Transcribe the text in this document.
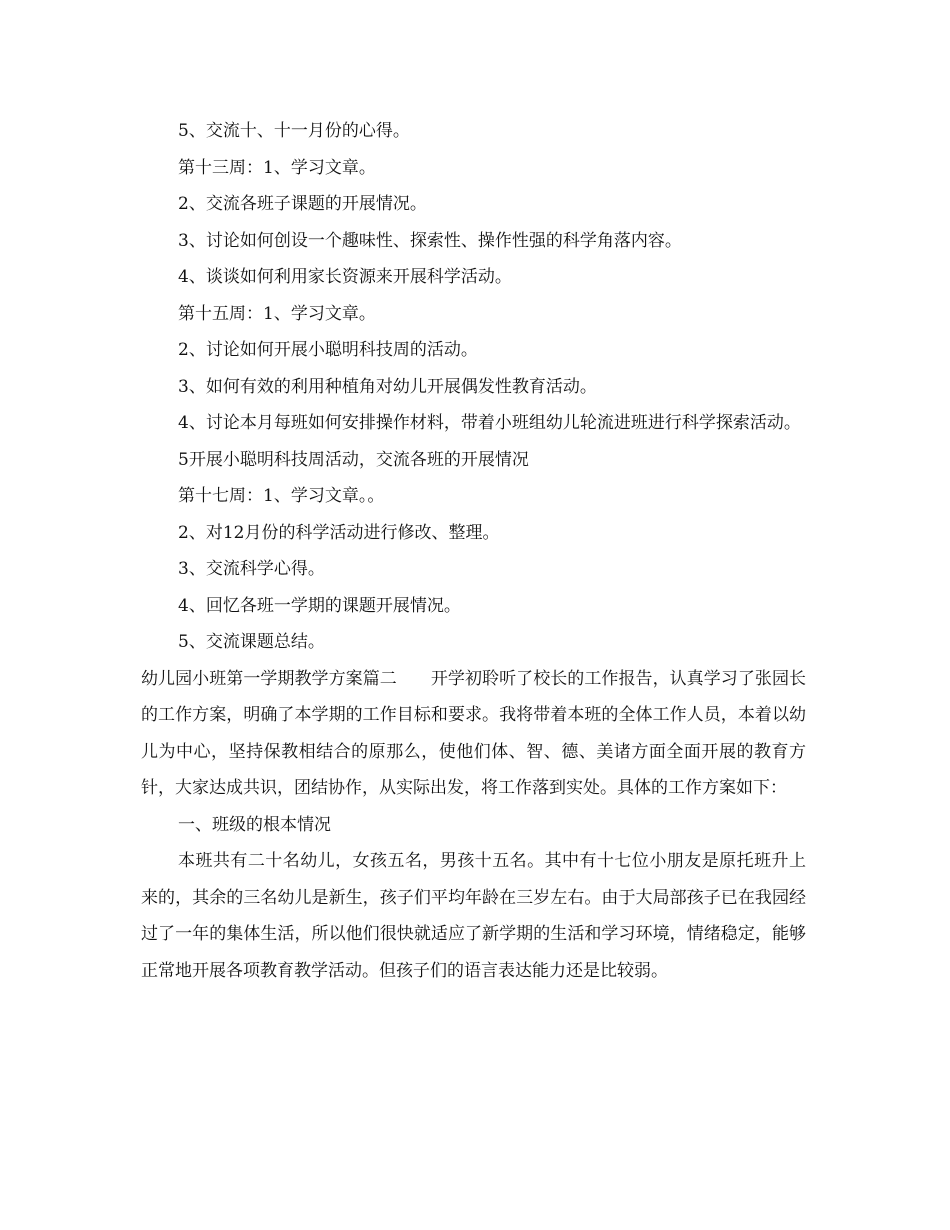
5、交流十、十一月份的心得。
第十三周：1、学习文章。
2、交流各班子课题的开展情况。
3、讨论如何创设一个趣味性、探索性、操作性强的科学角落内容。
4、谈谈如何利用家长资源来开展科学活动。
第十五周：1、学习文章。
2、讨论如何开展小聪明科技周的活动。
3、如何有效的利用种植角对幼儿开展偶发性教育活动。

4、讨论本月每班如何安排操作材料，带着小班组幼儿轮流进班进行科学探索活动。

5开展小聪明科技周活动，交流各班的开展情况
第十七周：1、学习文章。。
2、对12月份的科学活动进行修改、整理。
3、交流科学心得。
4、回忆各班一学期的课题开展情况。
5、交流课题总结。

幼儿园小班第一学期教学方案篇二 开学初聆听了校长的工作报告，认真学习了张园长的工作方案，明确了本学期的工作目标和要求。我将带着本班的全体工作人员，本着以幼儿为中心，坚持保教相结合的原那么，使他们体、智、德、美诸方面全面开展的教育方针，大家达成共识，团结协作，从实际出发，将工作落到实处。具体的工作方案如下：

一、班级的根本情况

本班共有二十名幼儿，女孩五名，男孩十五名。其中有十七位小朋友是原托班升上来的，其余的三名幼儿是新生，孩子们平均年龄在三岁左右。由于大局部孩子已在我园经过了一年的集体生活，所以他们很快就适应了新学期的生活和学习环境，情绪稳定，能够正常地开展各项教育教学活动。但孩子们的语言表达能力还是比较弱。
